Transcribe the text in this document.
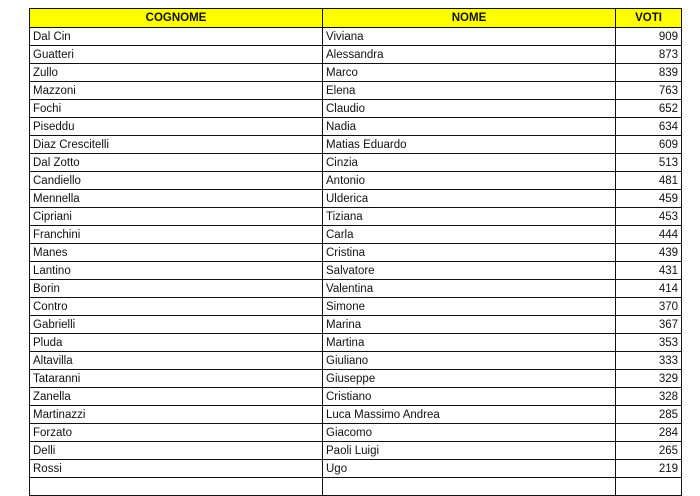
COGNOME	NOME	VOTI
Dal Cin	Viviana	909
Guatteri	Alessandra	873
Zullo	Marco	839
Mazzoni	Elena	763
Fochi	Claudio	652
Piseddu	Nadia	634
Diaz Crescitelli	Matias Eduardo	609
Dal Zotto	Cinzia	513
Candiello	Antonio	481
Mennella	Ulderica	459
Cipriani	Tiziana	453
Franchini	Carla	444
Manes	Cristina	439
Lantino	Salvatore	431
Borin	Valentina	414
Contro	Simone	370
Gabrielli	Marina	367
Pluda	Martina	353
Altavilla	Giuliano	333
Tataranni	Giuseppe	329
Zanella	Cristiano	328
Martinazzi	Luca Massimo Andrea	285
Forzato	Giacomo	284
Delli	Paoli Luigi	265
Rossi	Ugo	219
